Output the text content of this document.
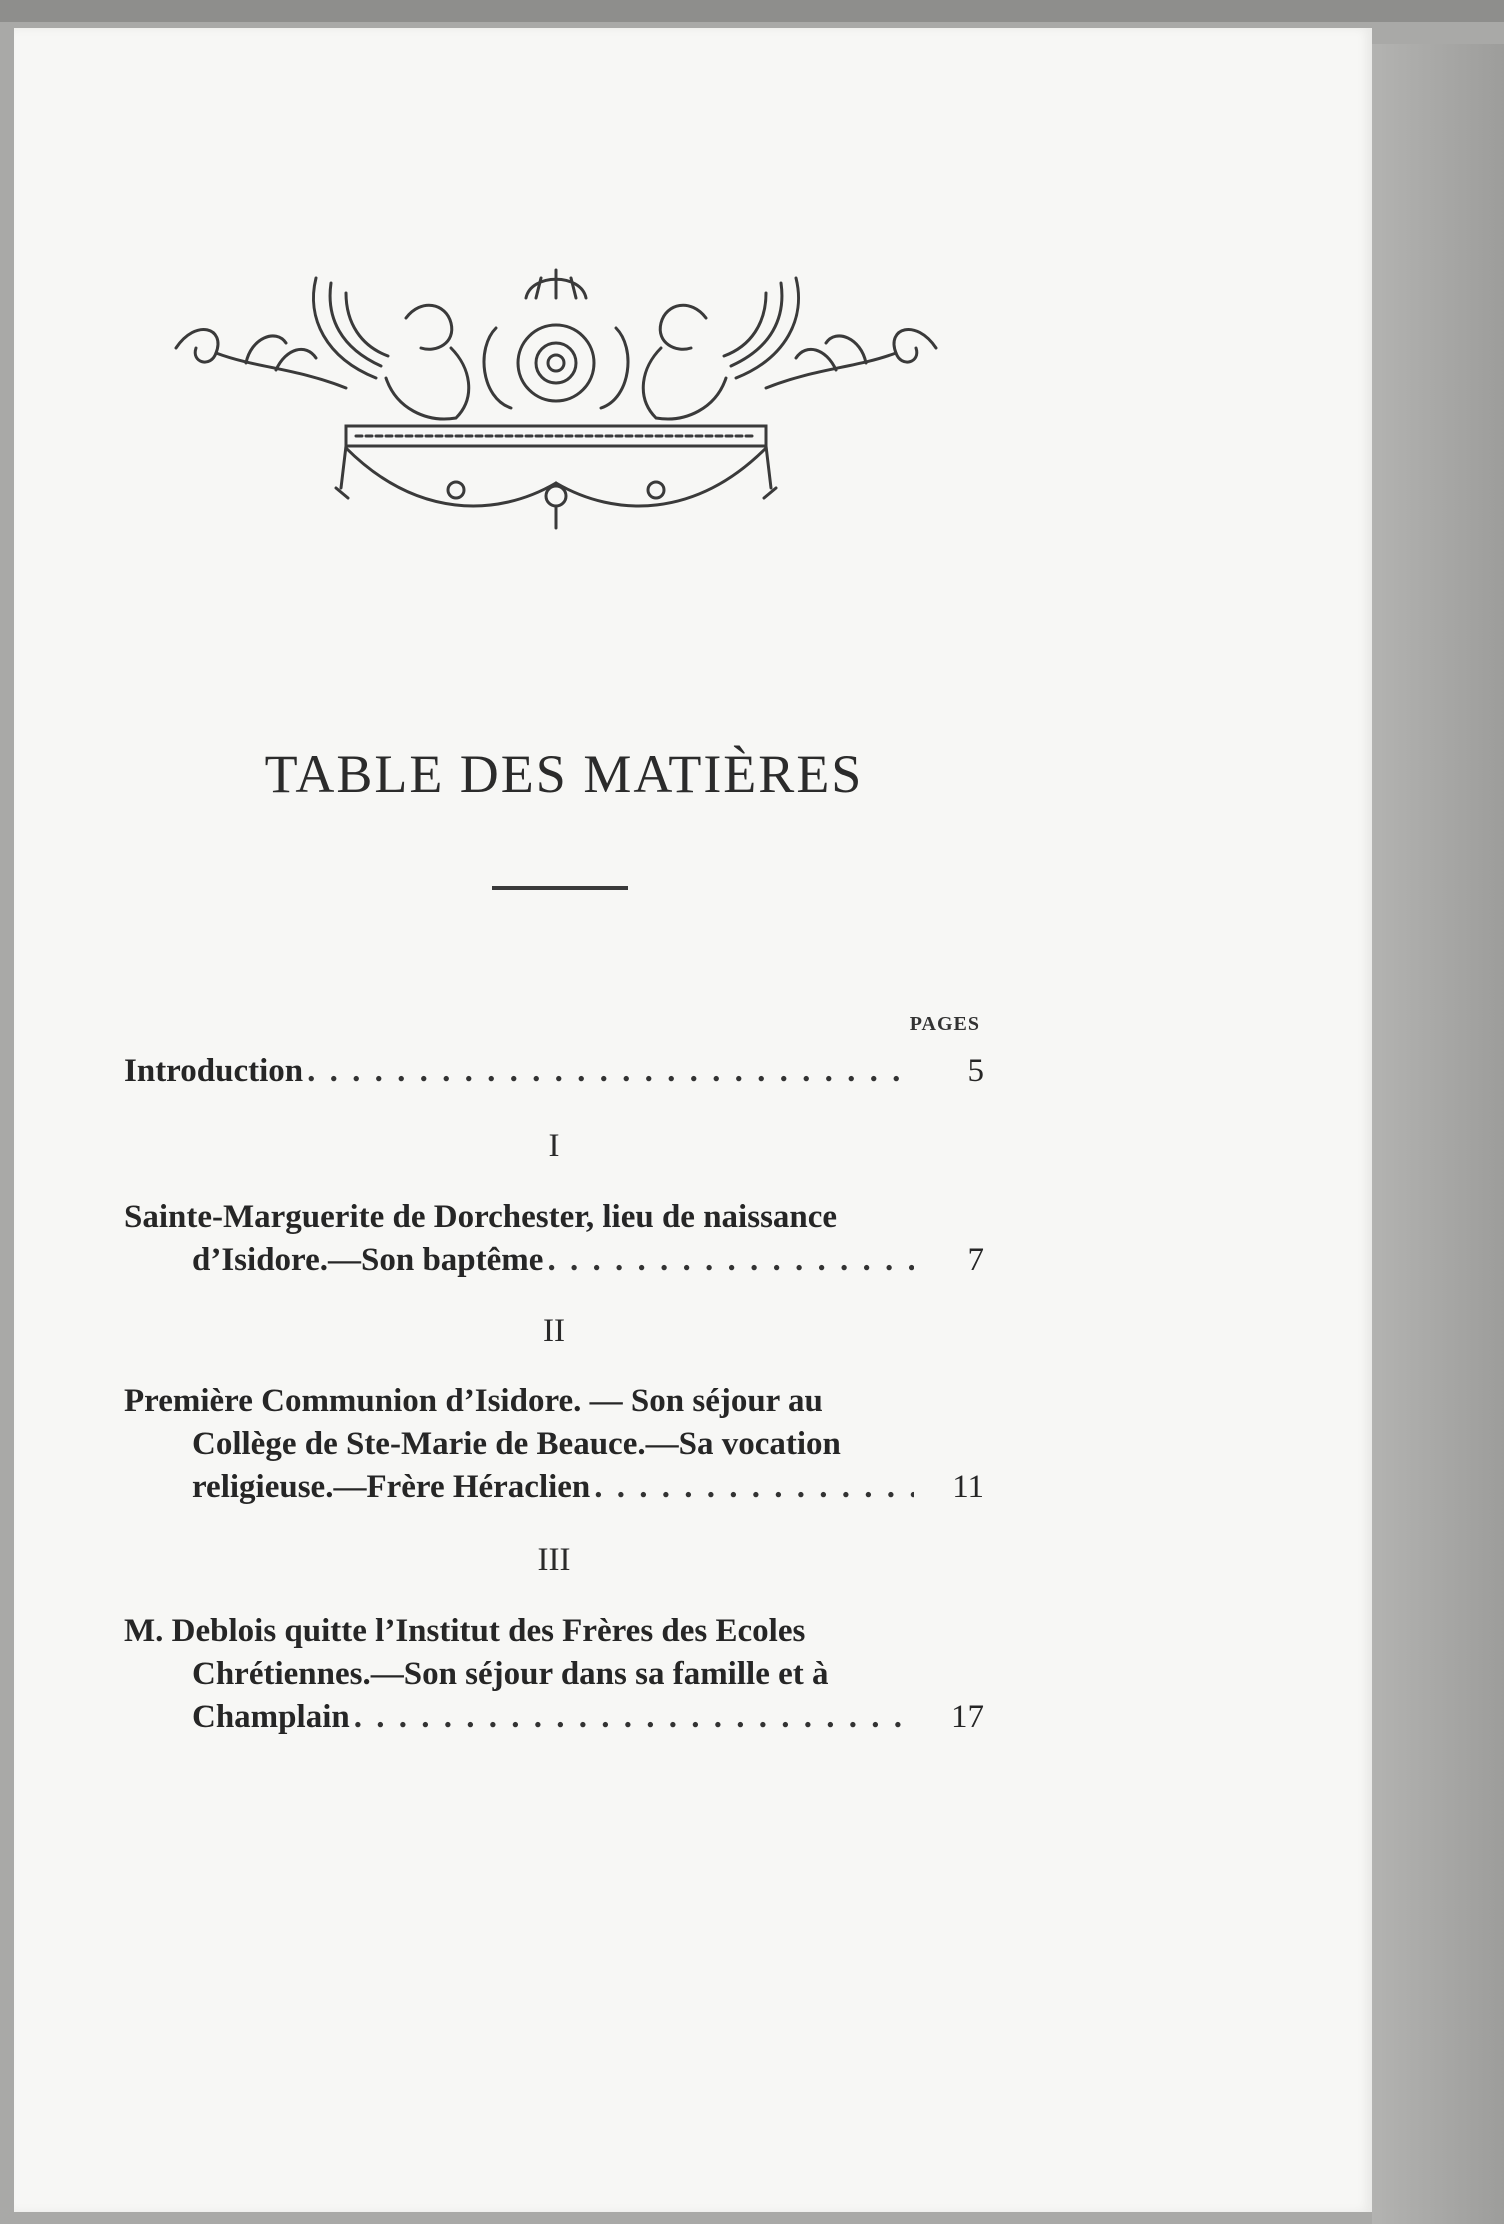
TABLE DES MATIÈRES
PAGES
Introduction . . .	5
I
Sainte-Marguerite de Dorchester, lieu de naissance
d’Isidore.—Son baptême . . .	7
II
Première Communion d’Isidore. — Son séjour au
Collège de Ste-Marie de Beauce.—Sa vocation
religieuse.—Frère Héraclien . . .	11
III
M. Deblois quitte l’Institut des Frères des Ecoles
Chrétiennes.—Son séjour dans sa famille et à
Champlain . . .	17
